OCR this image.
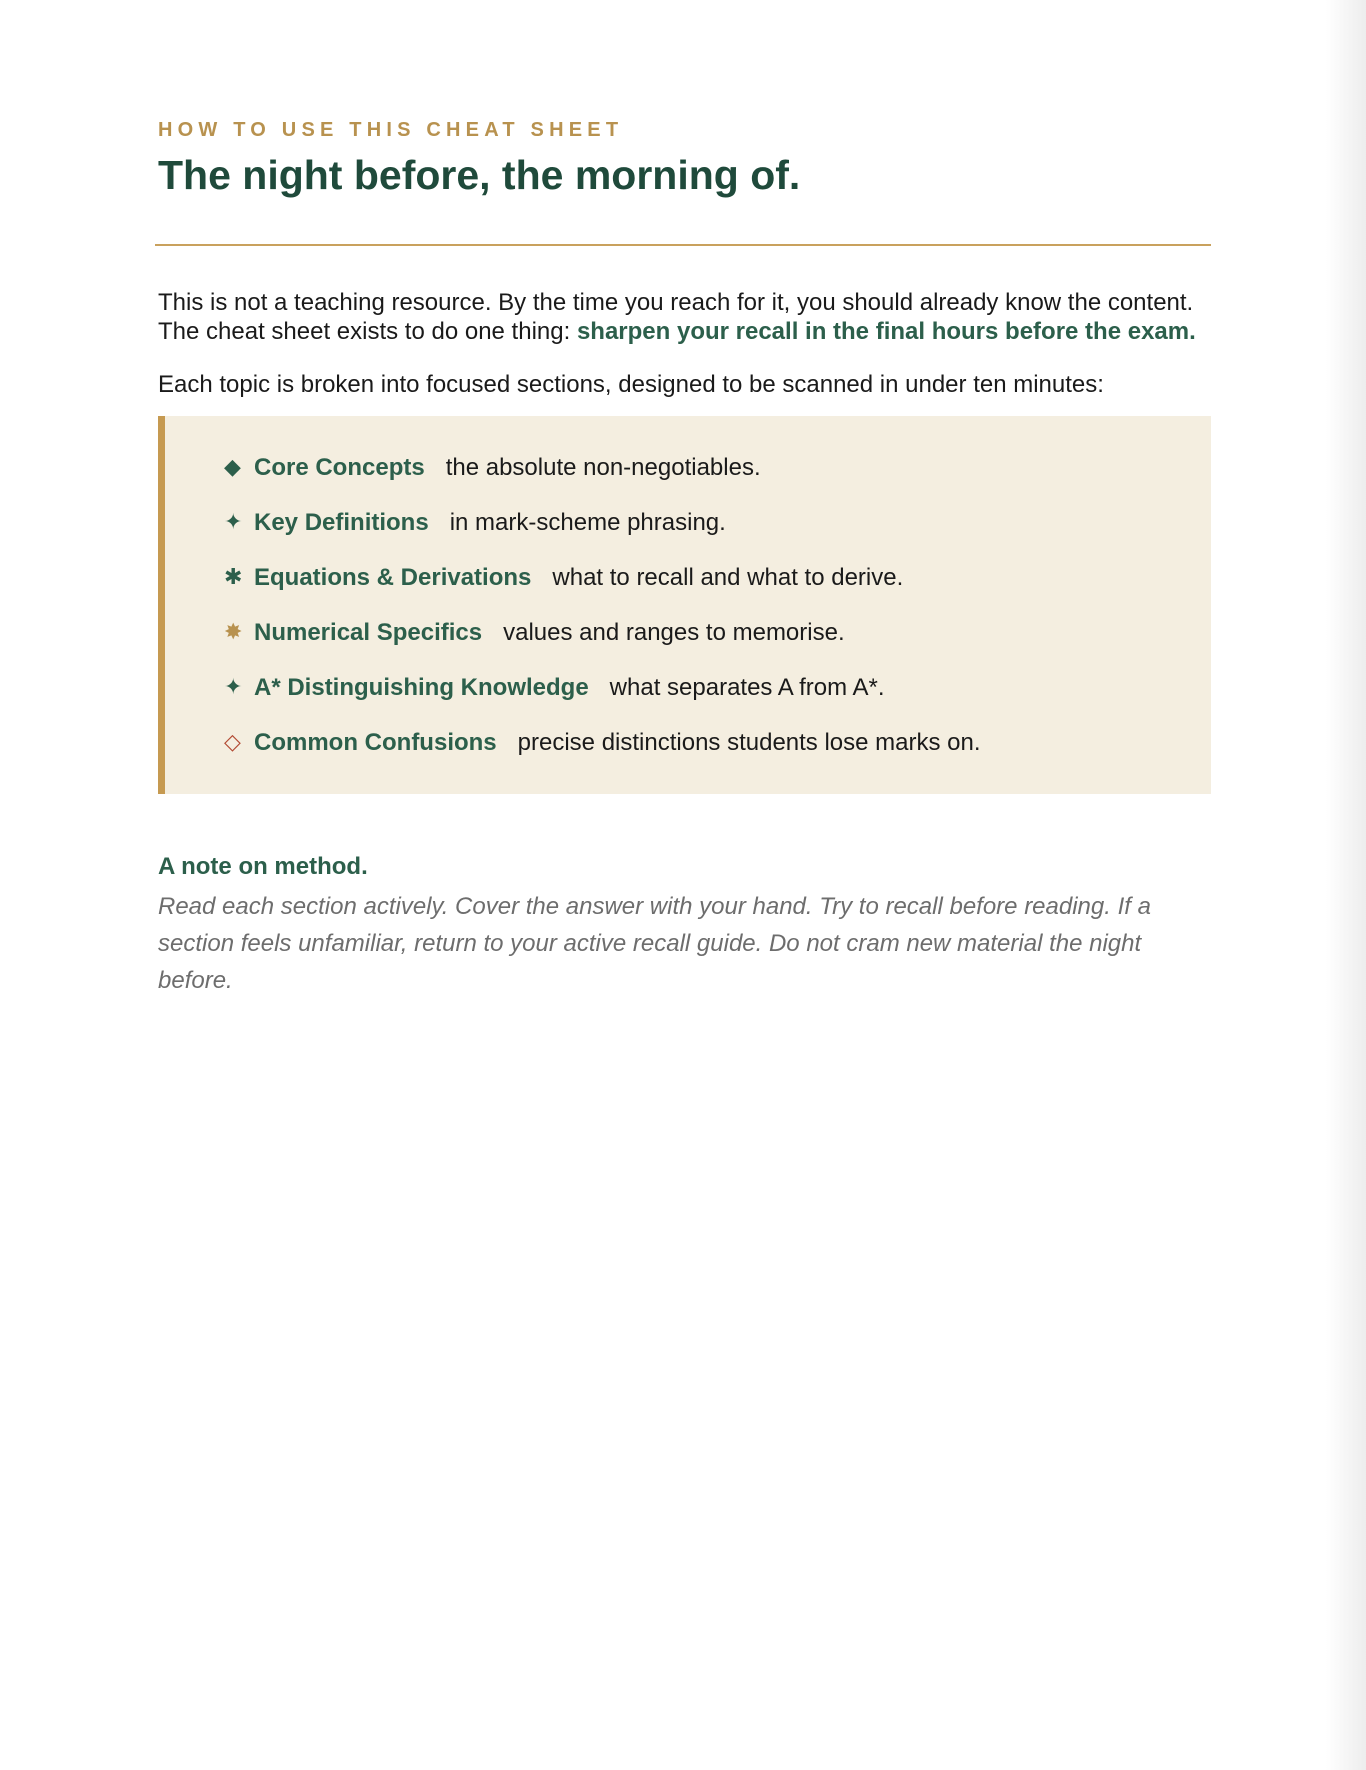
HOW TO USE THIS CHEAT SHEET
The night before, the morning of.

This is not a teaching resource. By the time you reach for it, you should already know the content. The cheat sheet exists to do one thing: sharpen your recall in the final hours before the exam.

Each topic is broken into focused sections, designed to be scanned in under ten minutes:

◆ Core Concepts the absolute non-negotiables.
✦ Key Definitions in mark-scheme phrasing.
✱ Equations & Derivations what to recall and what to derive.
✸ Numerical Specifics values and ranges to memorise.
✦ A* Distinguishing Knowledge what separates A from A*.
◇ Common Confusions precise distinctions students lose marks on.
A note on method.
Read each section actively. Cover the answer with your hand. Try to recall before reading. If a section feels unfamiliar, return to your active recall guide. Do not cram new material the night before.
